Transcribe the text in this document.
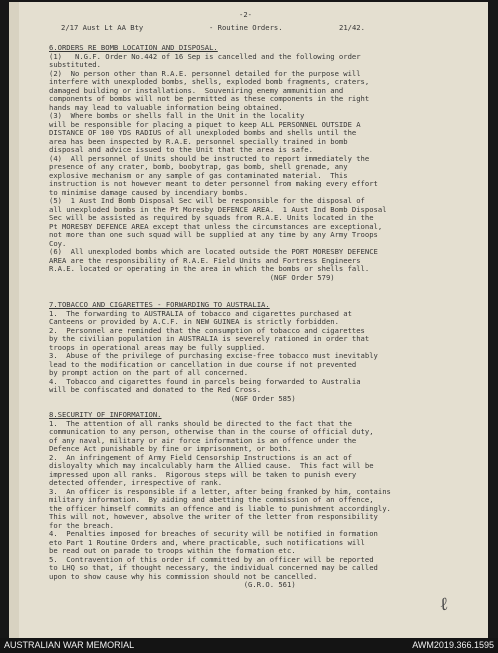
-2-
2/17 Aust Lt AA Bty	- Routine Orders.	21/42.
6.ORDERS RE BOMB LOCATION AND DISPOSAL.
(1)   N.G.F. Order No.442 of 16 Sep is cancelled and the following order
substituted.
(2)  No person other than R.A.E. personnel detailed for the purpose will
interfere with unexploded bombs, shells, exploded bomb fragments, craters,
damaged building or installations.  Souveniring enemy ammunition and
components of bombs will not be permitted as these components in the right
hands may lead to valuable information being obtained.
(3)  Where bombs or shells fall in the Unit in the locality
will be responsible for placing a piquet to keep ALL PERSONNEL OUTSIDE A
DISTANCE OF 100 YDS RADIUS of all unexploded bombs and shells until the
area has been inspected by R.A.E. personnel specially trained in bomb
disposal and advice issued to the Unit that the area is safe.
(4)  All personnel of Units should be instructed to report immediately the
presence of any crater, bomb, boobytrap, gas bomb, shell grenade, any
explosive mechanism or any sample of gas contaminated material.  This
instruction is not however meant to deter personnel from making every effort
to minimise damage caused by incendiary bombs.
(5)  1 Aust Ind Bomb Disposal Sec will be responsible for the disposal of
all unexploded bombs in the Pt Moresby DEFENCE AREA.  1 Aust Ind Bomb Disposal
Sec will be assisted as required by squads from R.A.E. Units located in the
Pt MORESBY DEFENCE AREA except that unless the circumstances are exceptional,
not more than one such squad will be supplied at any time by any Army Troops
Coy.
(6)  All unexploded bombs which are located outside the PORT MORESBY DEFENCE
AREA are the responsibility of R.A.E. Field Units and Fortress Engineers
R.A.E. located or operating in the area in which the bombs or shells fall.
(NGF Order 579)
7.TOBACCO AND CIGARETTES - FORWARDING TO AUSTRALIA.
1.  The forwarding to AUSTRALIA of tobacco and cigarettes purchased at
Canteens or provided by A.C.F. in NEW GUINEA is strictly forbidden.
2.  Personnel are reminded that the consumption of tobacco and cigarettes
by the civilian population in AUSTRALIA is severely rationed in order that
troops in operational areas may be fully supplied.
3.  Abuse of the privilege of purchasing excise-free tobacco must inevitably
lead to the modification or cancellation in due course if not prevented
by prompt action on the part of all concerned.
4.  Tobacco and cigarettes found in parcels being forwarded to Australia
will be confiscated and donated to the Red Cross.
(NGF Order 585)
8.SECURITY OF INFORMATION.
1.  The attention of all ranks should be directed to the fact that the
communication to any person, otherwise than in the course of official duty,
of any naval, military or air force information is an offence under the
Defence Act punishable by fine or imprisonment, or both.
2.  An infringement of Army Field Censorship Instructions is an act of
disloyalty which may incalculably harm the Allied cause.  This fact will be
impressed upon all ranks.  Rigorous steps will be taken to punish every
detected offender, irrespective of rank.
3.  An officer is responsible if a letter, after being franked by him, contains
military information.  By aiding and abetting the commission of an offence,
the officer himself commits an offence and is liable to punishment accordingly.
This will not, however, absolve the writer of the letter from responsibility
for the breach.
4.  Penalties imposed for breaches of security will be notified in formation
eto Part 1 Routine Orders and, where practicable, such notifications will
be read out on parade to troops within the formation etc.
5.  Contravention of this order if committed by an officer will be reported
to LHQ so that, if thought necessary, the individual concerned may be called
upon to show cause why his commission should not be cancelled.
(G.R.O. 561)
ℓ
AUSTRALIAN WAR MEMORIAL	AWM2019.366.1595
